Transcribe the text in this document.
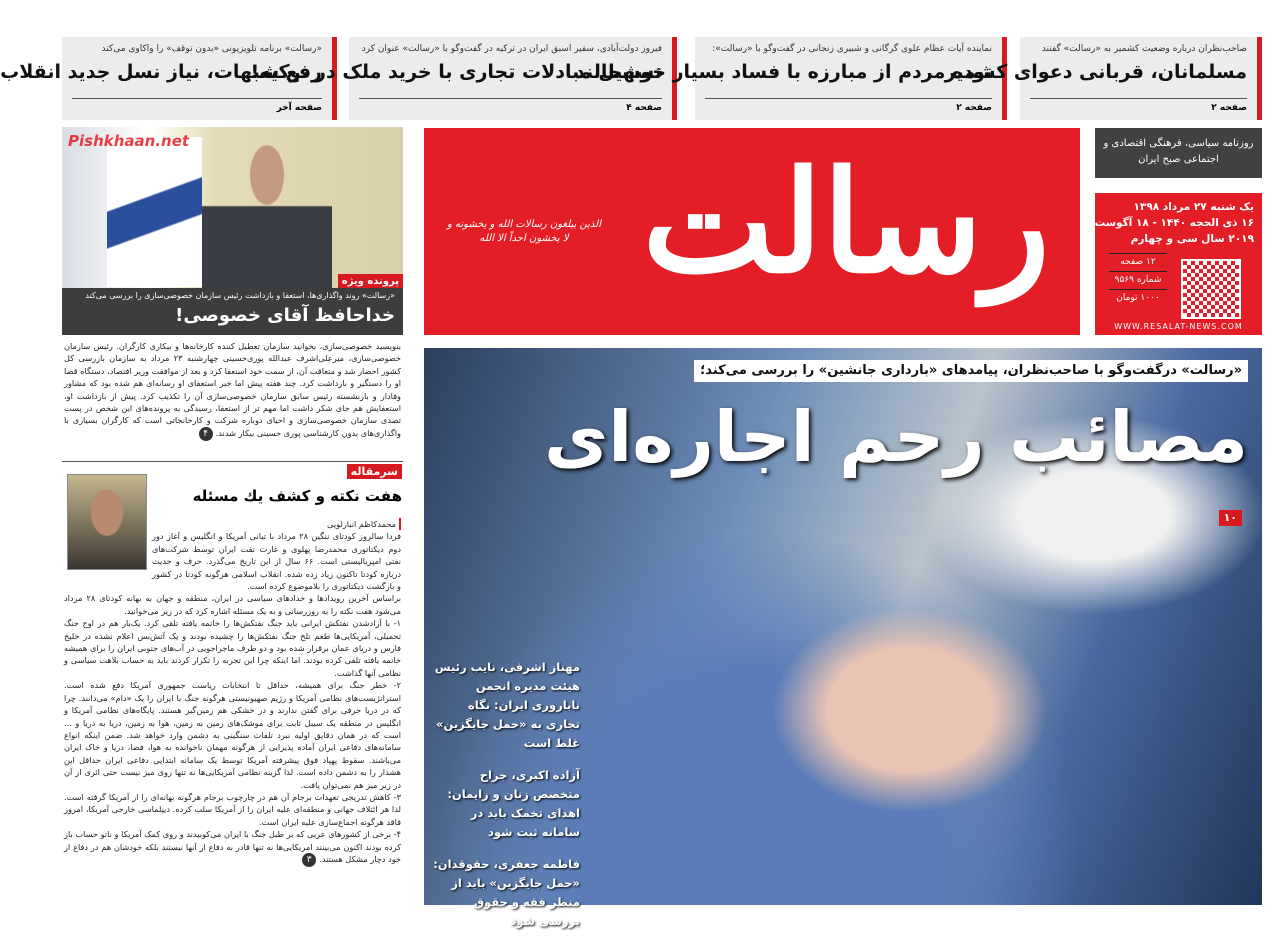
«رسالت» برنامه تلویزیونی «بدون توقف» را واکاوی می‌کند
رفع شبهات، نیاز نسل جدید انقلاب
صفحه آخر
فیروز دولت‌آبادی، سفیر اسبق ایران در ترکیه در گفت‌وگو با «رسالت» عنوان کرد
تسهیل مبادلات تجاری با خرید ملک در ترکیه!
صفحه ۴
نماینده آیات عظام علوی گرگانی و شبیری زنجانی در گفت‌وگو با «رسالت»:
توده مردم از مبارزه با فساد بسیار خوشحالند
صفحه ۲
صاحب‌نظران درباره وضعیت کشمیر به «رسالت» گفتند
مسلمانان، قربانی دعوای کشمیر
صفحه ۲
پرونده ویژه
Pishkhaan.net
«رسالت» روند واگذاری‌ها، استعفا و بازداشت رئیس سازمان خصوصی‌سازی را بررسی می‌کند
خداحافظ آقای خصوصی!
بنویسید خصوصی‌سازی، بخوانید سازمان تعطیل کننده کارخانه‌ها و بیکاری کارگران. رئیس سازمان خصوصی‌سازی، میرعلی‌اشرف عبدالله پوری‌حسینی چهارشنبه ۲۳ مرداد به سازمان بازرسی کل کشور احضار شد و متعاقب آن، از سمت خود استعفا کرد و بعد از موافقت وزیر اقتصاد، دستگاه قضا او را دستگیر و بازداشت کرد. چند هفته پیش اما خبر استعفای او رسانه‌ای هم شده بود که مشاور وفادار و بازنشسته رئیس سابق سازمان خصوصی‌سازی آن را تکذیب کرد. پیش از بازداشت او، استعفایش هم جای شکر داشت اما مهم تر از استعفا، رسیدگی به پرونده‌های این شخص در پست تصدی سازمان خصوصی‌سازی و احیای دوباره شرکت و کارخانجاتی است که کارگران بسیاری با واگذاری‌های بدون کارشناسی پوری حسینی بیکار شدند.۴
سرمقاله
هفت نکته و کشف یك مسئله
محمدکاظم انبارلویی

فردا سالروز کودتای ننگین ۲۸ مرداد با تبانی آمریکا و انگلیس و آغاز دور دوم دیکتاتوری محمدرضا پهلوی و غارت نفت ایران توسط شرکت‌های نفتی امپریالیستی است. ۶۶ سال از این تاریخ می‌گذرد. حرف و حدیث درباره کودتا تاکنون زیاد زده شده. انقلاب اسلامی هرگونه کودتا در کشور و بازگشت دیکتاتوری را بلاموضوع کرده است.

براساس آخرین رویدادها و خدادهای سیاسی در ایران، منطقه و جهان به بهانه کودتای ۲۸ مرداد می‌شود هفت نکته را به روزرسانی و به یک مسئله اشاره کرد که در زیر می‌خوانید.

۱- با آزادشدن نفتکش ایرانی باید جنگ نفتکش‌ها را خاتمه یافته تلقی کرد. یک‌بار هم در اوج جنگ تحمیلی، آمریکایی‌ها طعم تلخ جنگ نفتکش‌ها را چشیده بودند و یک آتش‌بس اعلام نشده در خلیج فارس و دریای عمان برقرار شده بود و دو طرف ماجراجویی در آب‌های جنوبی ایران را برای همیشه خاتمه یافته تلقی کرده بودند. اما اینکه چرا این تجربه را تکرار کردند باید به حساب بلاهت سیاسی و نظامی آنها گذاشت.

۲- خطر جنگ برای همیشه، حداقل تا انتخابات ریاست جمهوری آمریکا دفع شده است. استراتژیست‌های نظامی آمریکا و رژیم صهیونیستی هرگونه جنگ با ایران را یک «دام» می‌دانند. چرا که در دریا حرفی برای گفتن ندارند و در خشکی هم زمین‌گیر هستند. پایگاه‌های نظامی آمریکا و انگلیس در منطقه یک سیبل ثابت برای موشک‌های زمین به زمین، هوا به زمین، دریا به دریا و ... است که در همان دقایق اولیه نبرد تلفات سنگینی به دشمن وارد خواهد شد. ضمن اینکه انواع سامانه‌های دفاعی ایران آماده پذیرایی از هرگونه مهمان ناخوانده به هوا، فضا، دریا و خاک ایران می‌باشند. سقوط پهپاد فوق پیشرفته آمریکا توسط یک سامانه ابتدایی دفاعی ایران حداقل این هشدار را به دشمن داده است. لذا گزینه نظامی آمریکایی‌ها نه تنها روی میز نیست حتی اثری از آن در زیر میز هم نمی‌توان یافت.

۳- کاهش تدریجی تعهدات برجام آن هم در چارچوب برجام هرگونه بهانه‌ای را از آمریکا گرفته است. لذا هر ائتلاف جهانی و منطقه‌ای علیه ایران را از آمریکا سلب کرده. دیپلماسی خارجی آمریکا، امروز فاقد هرگونه اجماع‌سازی علیه ایران است.

۴- برخی از کشورهای عربی که بر طبل جنگ با ایران می‌کوبیدند و روی کمک آمریکا و ناتو حساب باز کرده بودند اکنون می‌بینند امریکایی‌ها نه تنها قادر به دفاع از آنها نیستند بلکه خودشان هم در دفاع از خود دچار مشکل هستند.۳

رسالت
الذین یبلغون رسالات الله و یخشونه و لا یخشون احداً الا الله
روزنامه سیاسی، فرهنگی اقتصادی و اجتماعی صبح ایران
یک شنبه ۲۷ مرداد ۱۳۹۸
۱۶ ذی الحجه ۱۴۴۰ - ۱۸ آگوست
۲۰۱۹ سال سی و چهارم
۱۲ صفحه
شماره ۹۵۶۹
۱۰۰۰ تومان
WWW.RESALAT-NEWS.COM
«رسالت» درگفت‌وگو با صاحب‌نظران، پیامدهای «بارداری جانشین» را بررسی می‌کند؛
مصائب رحم اجاره‌ای
۱۰

مهناز اشرفی، نایب رئیس هیئت مدیره انجمن ناباروری ایران: نگاه تجاری به «حمل جایگزین» غلط است

آزاده اکبری، جراح متخصص زنان و زایمان: اهدای تخمک باید در سامانه ثبت شود

فاطمه جعفری، حقوقدان: «حمل جایگزین» باید از منظر فقه و حقوق بررسی شود
